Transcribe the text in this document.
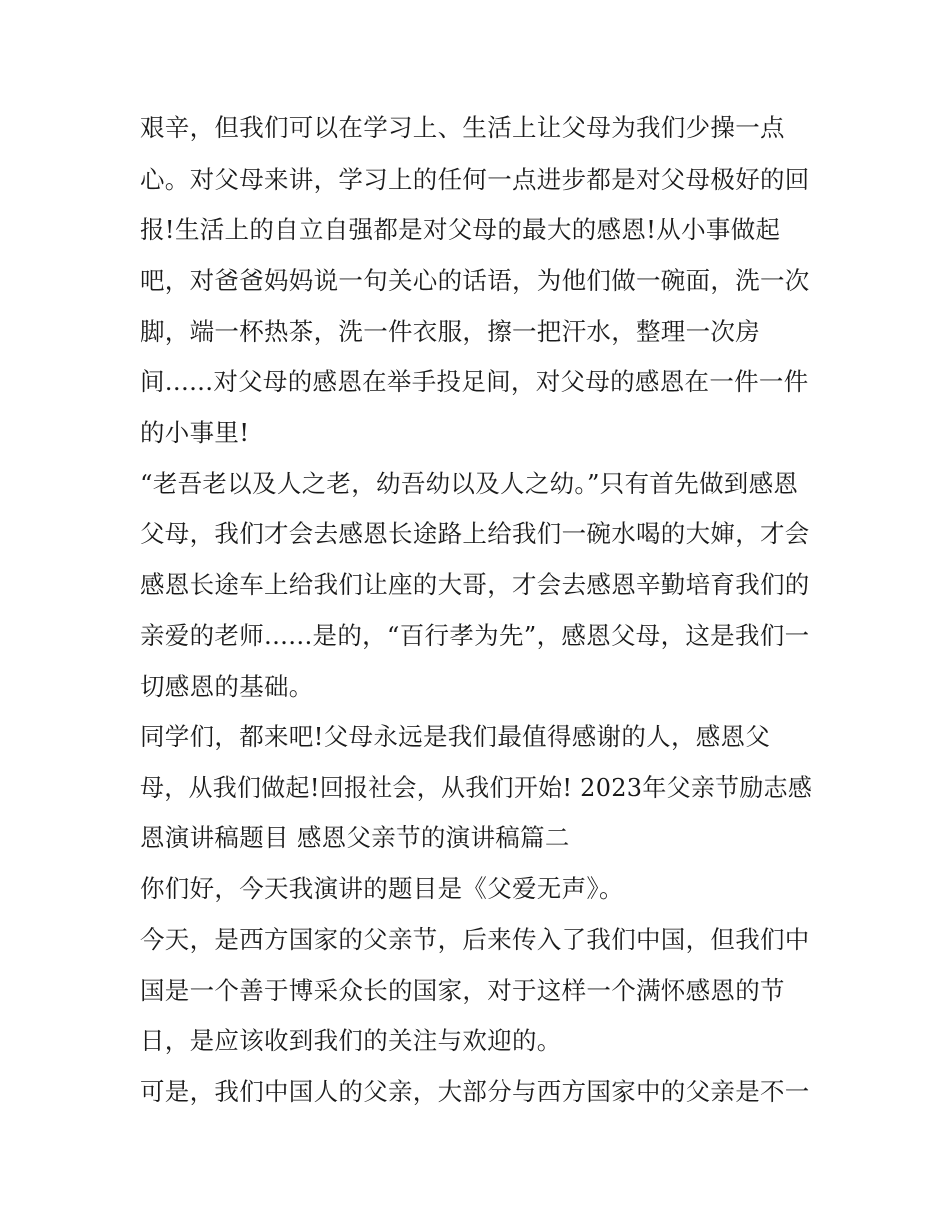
艰辛，但我们可以在学习上、生活上让父母为我们少操一点
心。对父母来讲，学习上的任何一点进步都是对父母极好的回
报!生活上的自立自强都是对父母的最大的感恩!从小事做起
吧，对爸爸妈妈说一句关心的话语，为他们做一碗面，洗一次
脚，端一杯热茶，洗一件衣服，擦一把汗水，整理一次房
间......对父母的感恩在举手投足间，对父母的感恩在一件一件
的小事里!
“老吾老以及人之老，幼吾幼以及人之幼。”只有首先做到感恩
父母，我们才会去感恩长途路上给我们一碗水喝的大婶，才会
感恩长途车上给我们让座的大哥，才会去感恩辛勤培育我们的
亲爱的老师......是的，“百行孝为先”，感恩父母，这是我们一
切感恩的基础。
同学们，都来吧!父母永远是我们最值得感谢的人，感恩父
母，从我们做起!回报社会，从我们开始! 2023年父亲节励志感
恩演讲稿题目 感恩父亲节的演讲稿篇二
你们好，今天我演讲的题目是《父爱无声》。
今天，是西方国家的父亲节，后来传入了我们中国，但我们中
国是一个善于博采众长的国家，对于这样一个满怀感恩的节
日，是应该收到我们的关注与欢迎的。
可是，我们中国人的父亲，大部分与西方国家中的父亲是不一
